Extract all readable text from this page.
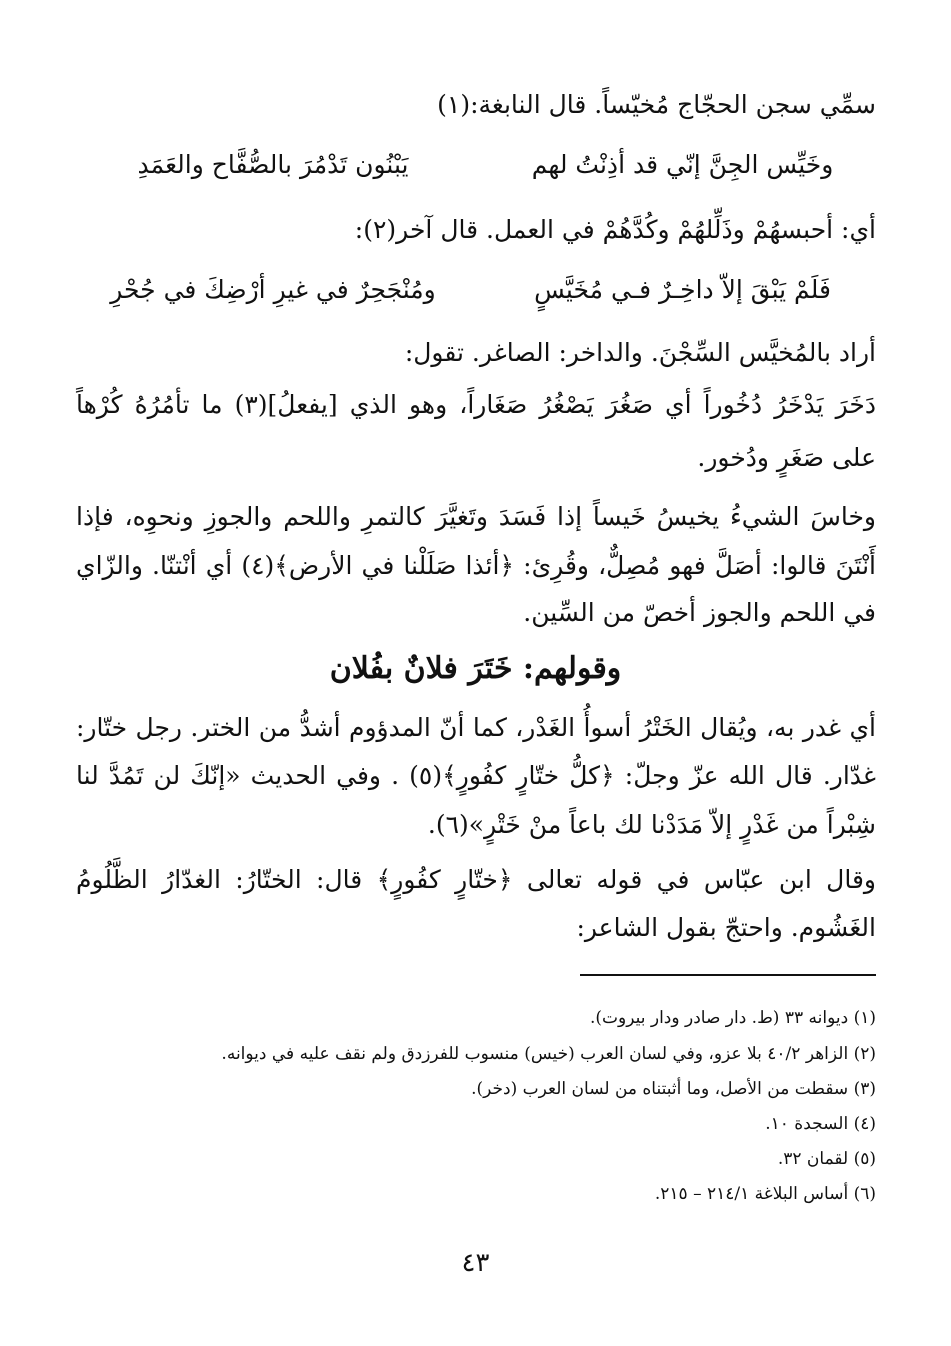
سمِّي سجن الحجّاج مُخيّساً. قال النابغة:(١)
وخَيِّس الجِنَّ إنّي قد أذِنْتُ لهم
يَبْنُون تَدْمُرَ بالصُّفَّاح والعَمَدِ
أي: أحبسهُمْ وذَلِّلهُمْ وكُدَّهُمْ في العمل. قال آخر(٢):
فَلَمْ يَبْقَ إلاّ داخِـرٌ فـي مُخَيَّسٍ
ومُنْجَحِرٌ في غيرِ أرْضِكَ في جُحْرِ
أراد بالمُخيَّس السِّجْنَ. والداخر: الصاغر. تقول:
دَخَرَ يَدْخَرُ دُخُوراً أي صَغُرَ يَصْغُرُ صَغَاراً، وهو الذي [يفعلُ](٣) ما تأمُرُهُ كُرْهاً
على صَغَرٍ ودُخور.
وخاسَ الشيءُ يخيسُ خَيساً إذا فَسَدَ وتَغيَّرَ كالتمرِ واللحم والجوزِ ونحوِه، فإذا
أَنْتَنَ قالوا: أصَلَّ فهو مُصِلٌّ، وقُرِئ: ﴿أئذا صَلَلْنا في الأرض﴾(٤) أي أنْتنّا. والزّاي
في اللحم والجوز أخصّ من السِّين.
وقولهم: خَتَرَ فلانٌ بفُلان
أي غدر به، ويُقال الخَتْرُ أسوأُ الغَدْر، كما أنّ المدؤوم أشدُّ من الختر. رجل ختّار:
غدّار. قال الله عزّ وجلّ: ﴿كلُّ ختّارٍ كفُورٍ﴾(٥) . وفي الحديث «إنّكَ لن تَمُدَّ لنا
شِبْراً من غَدْرٍ إلاّ مَدَدْنا لك باعاً منْ خَتْرٍ»(٦).
وقال ابن عبّاس في قوله تعالى ﴿ختّارٍ كفُورٍ﴾ قال: الختّارُ: الغدّارُ الظَّلُومُ
الغَشُوم. واحتجّ بقول الشاعر:
(١) ديوانه ٣٣ (ط. دار صادر ودار بيروت).
(٢) الزاهر ٤٠/٢ بلا عزو، وفي لسان العرب (خيس) منسوب للفرزدق ولم نقف عليه في ديوانه.
(٣) سقطت من الأصل، وما أثبتناه من لسان العرب (دخر).
(٤) السجدة ١٠.
(٥) لقمان ٣٢.
(٦) أساس البلاغة ٢١٤/١ – ٢١٥.
٤٣
